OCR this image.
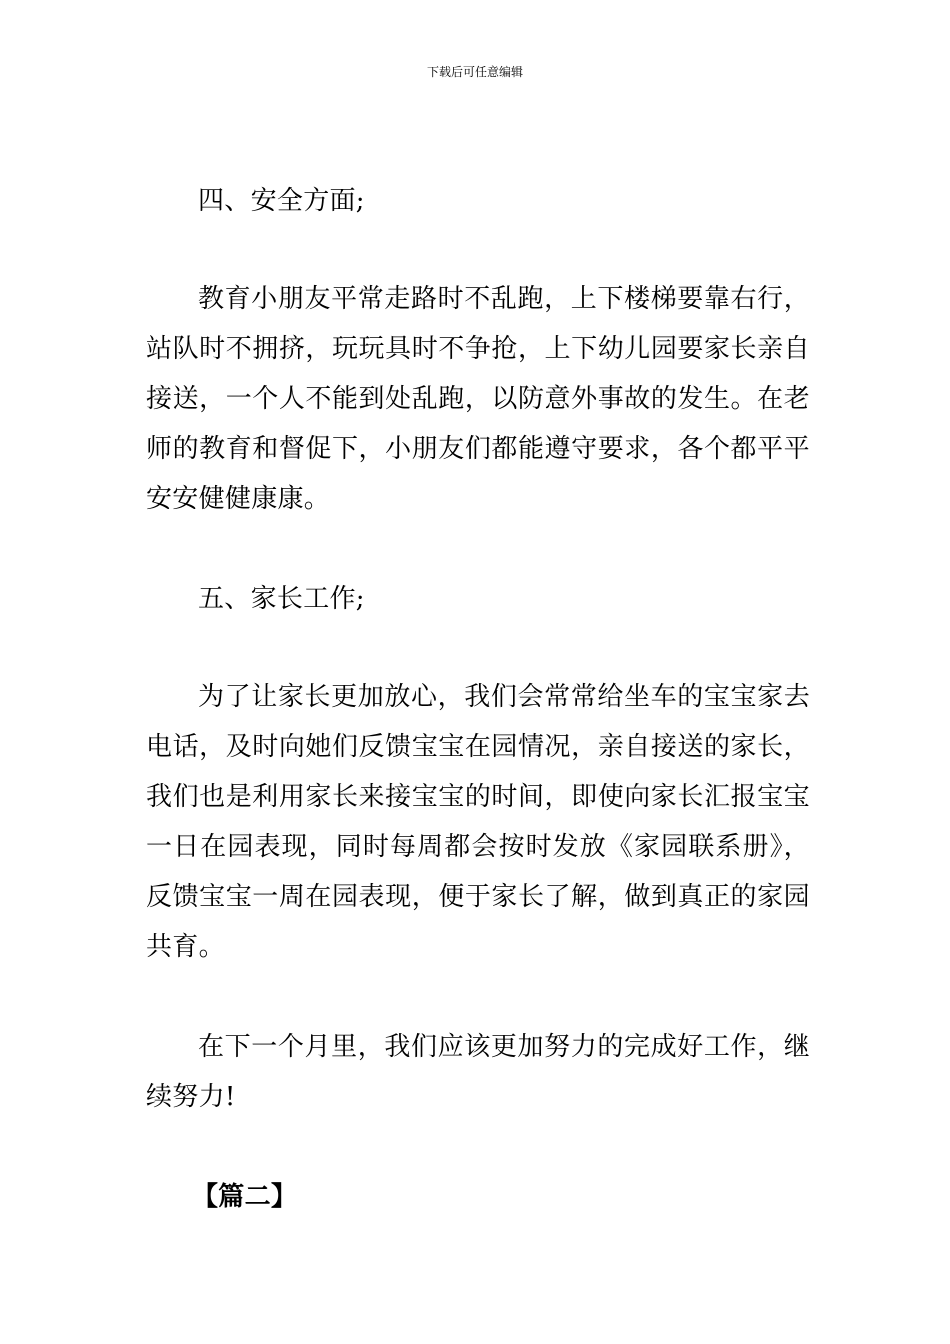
下载后可任意编辑

四、安全方面;

教育小朋友平常走路时不乱跑，上下楼梯要靠右行，站队时不拥挤，玩玩具时不争抢，上下幼儿园要家长亲自接送，一个人不能到处乱跑，以防意外事故的发生。在老师的教育和督促下，小朋友们都能遵守要求，各个都平平安安健健康康。

五、家长工作;

为了让家长更加放心，我们会常常给坐车的宝宝家去电话，及时向她们反馈宝宝在园情况，亲自接送的家长，我们也是利用家长来接宝宝的时间，即使向家长汇报宝宝一日在园表现，同时每周都会按时发放《家园联系册》，反馈宝宝一周在园表现，便于家长了解，做到真正的家园共育。

在下一个月里，我们应该更加努力的完成好工作，继续努力!

【篇二】
